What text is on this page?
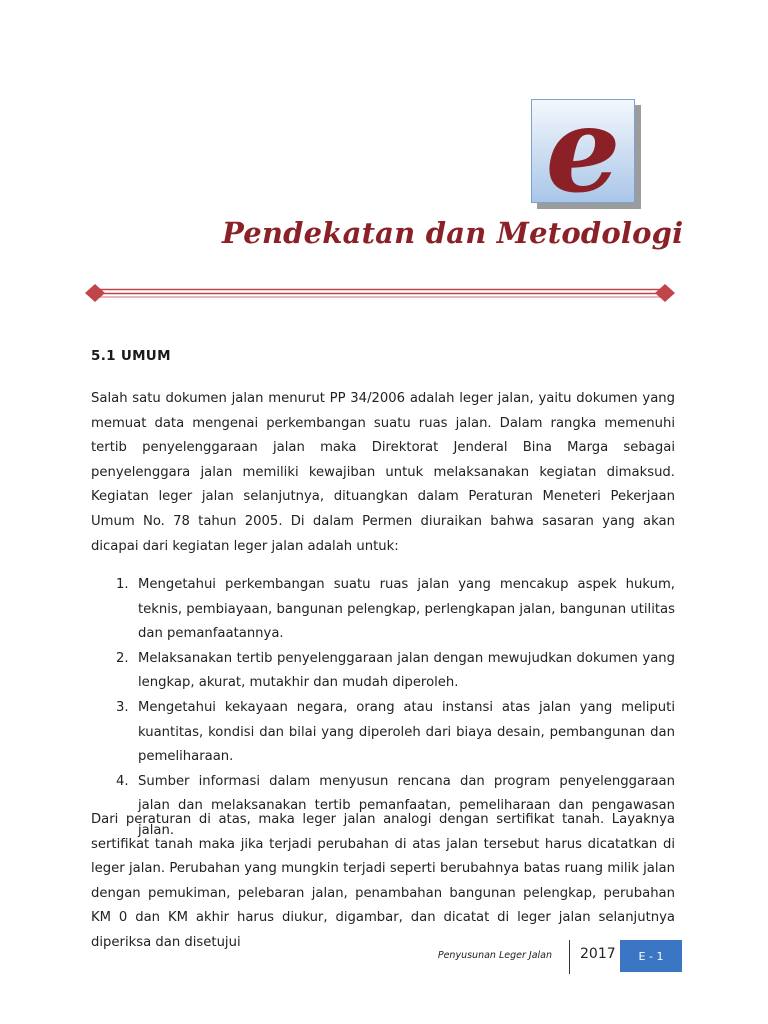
e
Pendekatan dan Metodologi
5.1 UMUM
Salah satu dokumen jalan menurut PP 34/2006 adalah leger jalan, yaitu dokumen yang memuat data mengenai perkembangan suatu ruas jalan. Dalam rangka memenuhi tertib penyelenggaraan jalan maka Direktorat Jenderal Bina Marga sebagai penyelenggara jalan memiliki kewajiban untuk melaksanakan kegiatan dimaksud. Kegiatan leger jalan selanjutnya, dituangkan dalam Peraturan Meneteri Pekerjaan Umum No. 78 tahun 2005. Di dalam Permen diuraikan bahwa sasaran yang akan dicapai dari kegiatan leger jalan adalah untuk:
1. Mengetahui perkembangan suatu ruas jalan yang mencakup aspek hukum, teknis, pembiayaan, bangunan pelengkap, perlengkapan jalan, bangunan utilitas dan pemanfaatannya.
2. Melaksanakan tertib penyelenggaraan jalan dengan mewujudkan dokumen yang lengkap, akurat, mutakhir dan mudah diperoleh.
3. Mengetahui kekayaan negara, orang atau instansi atas jalan yang meliputi kuantitas, kondisi dan bilai yang diperoleh dari biaya desain, pembangunan dan pemeliharaan.
4. Sumber informasi dalam menyusun rencana dan program penyelenggaraan jalan dan melaksanakan tertib pemanfaatan, pemeliharaan dan pengawasan jalan.
Dari peraturan di atas, maka leger jalan analogi dengan sertifikat tanah. Layaknya sertifikat tanah maka jika terjadi perubahan di atas jalan tersebut harus dicatatkan di leger jalan. Perubahan yang mungkin terjadi seperti berubahnya batas ruang milik jalan dengan pemukiman, pelebaran jalan, penambahan bangunan pelengkap, perubahan KM 0 dan KM akhir harus diukur, digambar, dan dicatat di leger jalan selanjutnya diperiksa dan disetujui
Penyusunan Leger Jalan 2017 E - 1
